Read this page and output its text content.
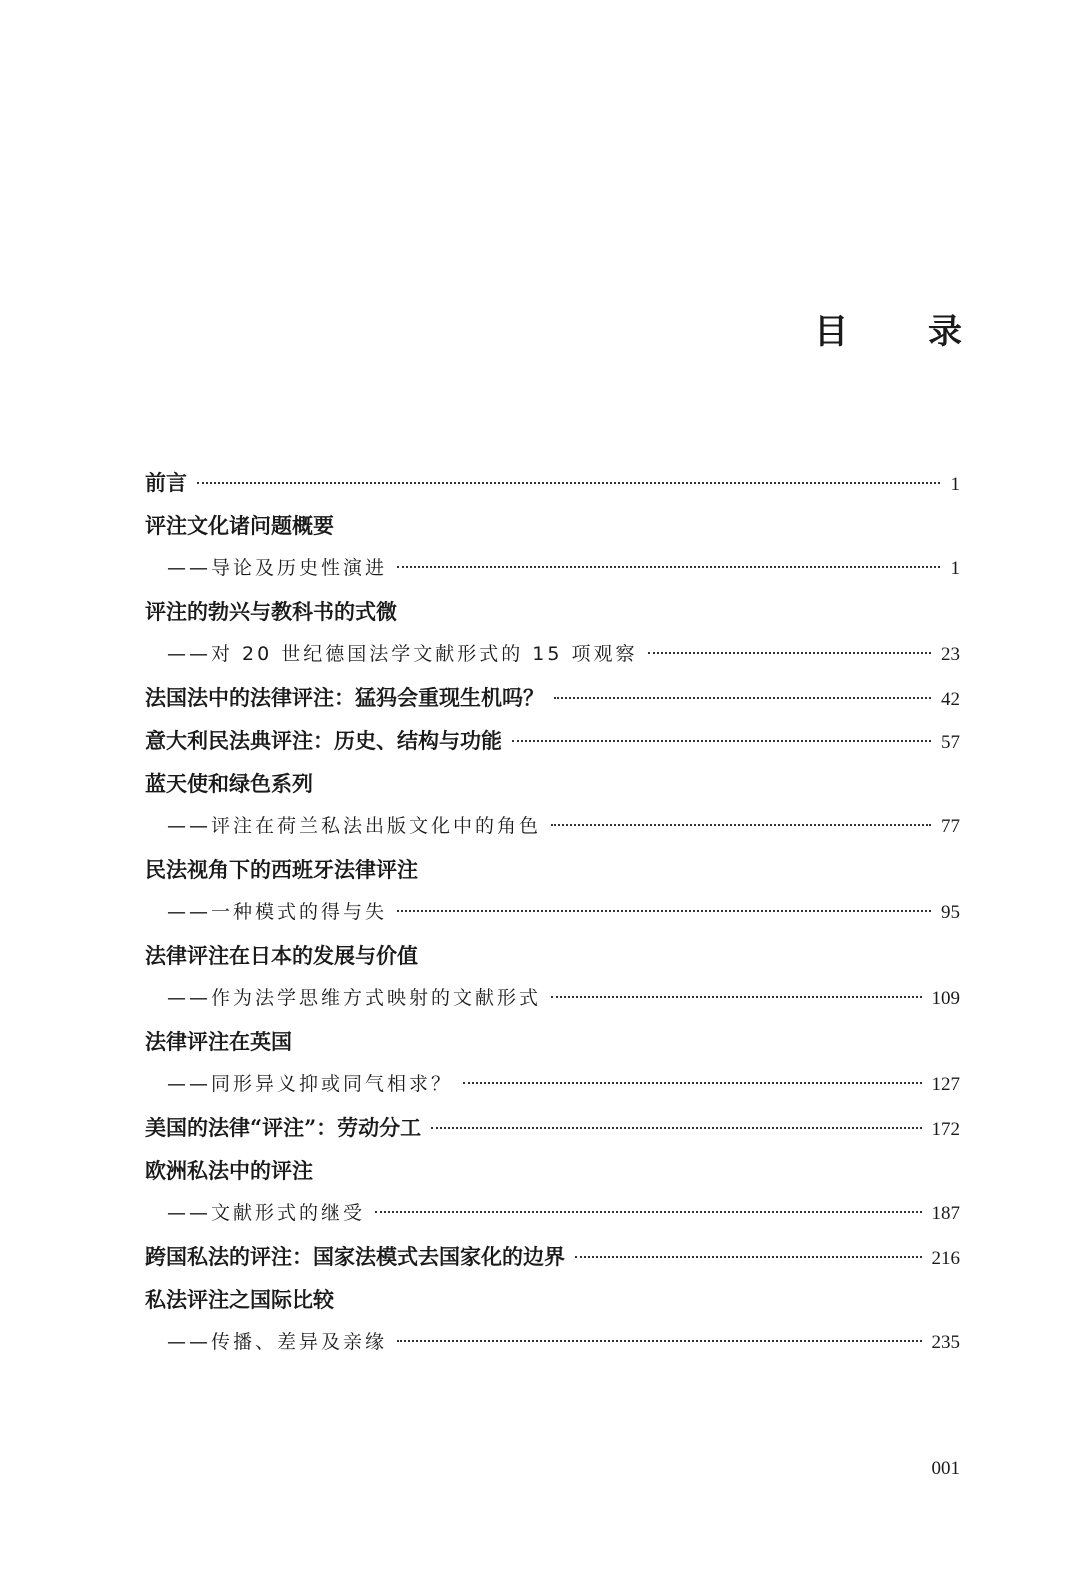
目 录
前言	1
评注文化诸问题概要
——导论及历史性演进	1
评注的勃兴与教科书的式微
——对 20 世纪德国法学文献形式的 15 项观察	23
法国法中的法律评注：猛犸会重现生机吗？	42
意大利民法典评注：历史、结构与功能	57
蓝天使和绿色系列
——评注在荷兰私法出版文化中的角色	77
民法视角下的西班牙法律评注
——一种模式的得与失	95
法律评注在日本的发展与价值
——作为法学思维方式映射的文献形式	109
法律评注在英国
——同形异义抑或同气相求？	127
美国的法律“评注”：劳动分工	172
欧洲私法中的评注
——文献形式的继受	187
跨国私法的评注：国家法模式去国家化的边界	216
私法评注之国际比较
——传播、差异及亲缘	235
001
